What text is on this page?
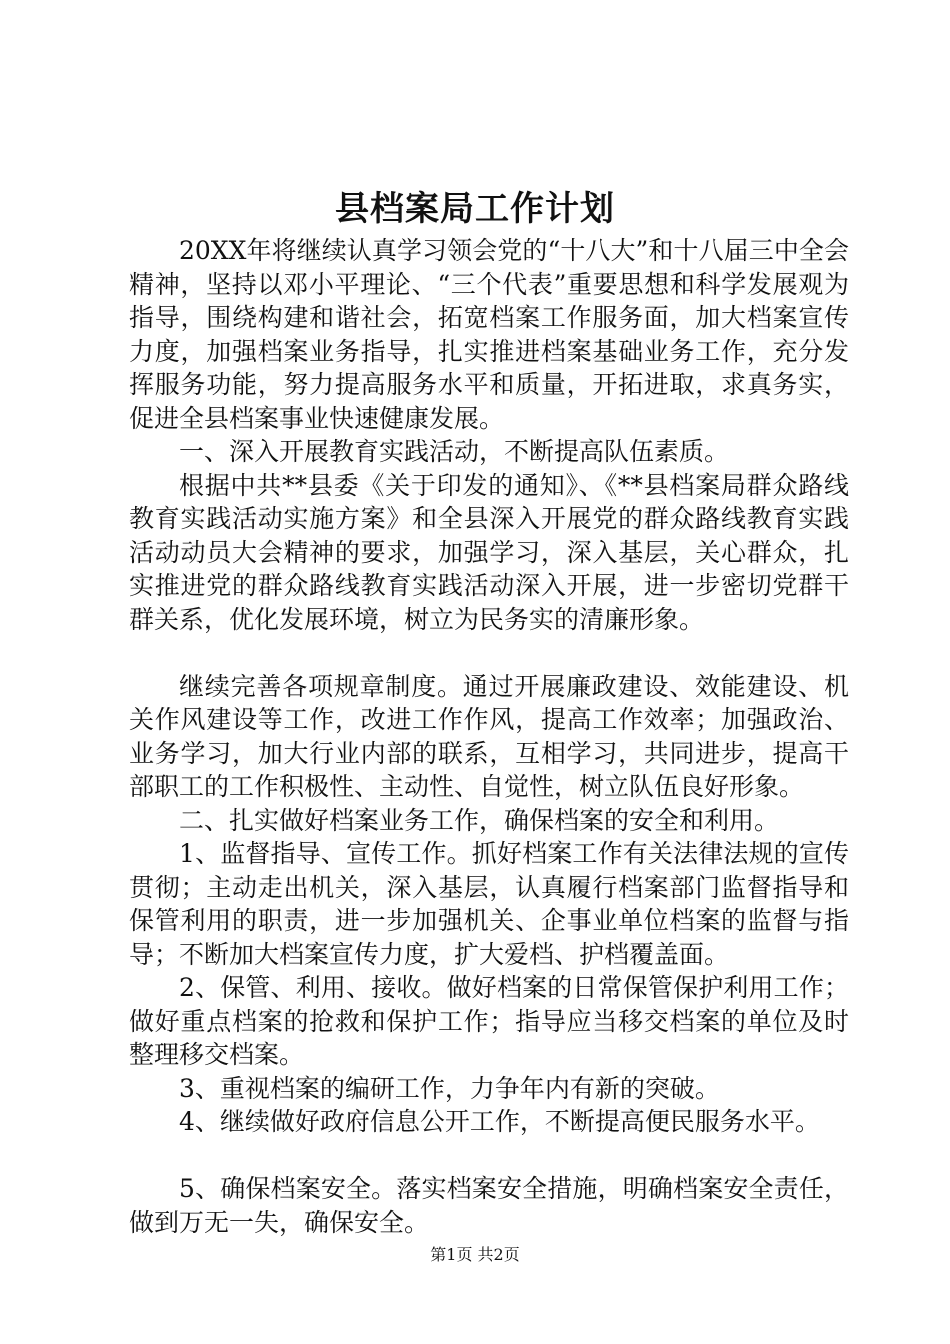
县档案局工作计划

20XX年将继续认真学习领会党的“十八大”和十八届三中全会精神，坚持以邓小平理论、“三个代表”重要思想和科学发展观为指导，围绕构建和谐社会，拓宽档案工作服务面，加大档案宣传力度，加强档案业务指导，扎实推进档案基础业务工作，充分发挥服务功能，努力提高服务水平和质量，开拓进取，求真务实，促进全县档案事业快速健康发展。

一、深入开展教育实践活动，不断提高队伍素质。

根据中共**县委《关于印发的通知》、《**县档案局群众路线教育实践活动实施方案》和全县深入开展党的群众路线教育实践活动动员大会精神的要求，加强学习，深入基层，关心群众，扎实推进党的群众路线教育实践活动深入开展，进一步密切党群干群关系，优化发展环境，树立为民务实的清廉形象。

继续完善各项规章制度。通过开展廉政建设、效能建设、机关作风建设等工作，改进工作作风，提高工作效率；加强政治、业务学习，加大行业内部的联系，互相学习，共同进步，提高干部职工的工作积极性、主动性、自觉性，树立队伍良好形象。

二、扎实做好档案业务工作，确保档案的安全和利用。

1、监督指导、宣传工作。抓好档案工作有关法律法规的宣传贯彻；主动走出机关，深入基层，认真履行档案部门监督指导和保管利用的职责，进一步加强机关、企事业单位档案的监督与指导；不断加大档案宣传力度，扩大爱档、护档覆盖面。

2、保管、利用、接收。做好档案的日常保管保护利用工作；做好重点档案的抢救和保护工作；指导应当移交档案的单位及时整理移交档案。

3、重视档案的编研工作，力争年内有新的突破。

4、继续做好政府信息公开工作，不断提高便民服务水平。

5、确保档案安全。落实档案安全措施，明确档案安全责任，做到万无一失，确保安全。

第1页 共2页
